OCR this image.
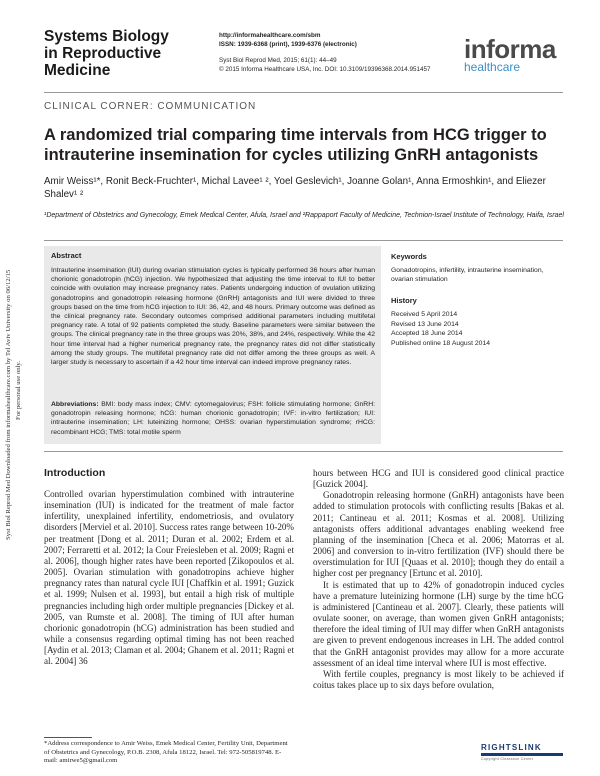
Systems Biology
in Reproductive
Medicine
http://informahealthcare.com/sbm
ISSN: 1939-6368 (print), 1939-6376 (electronic)
Syst Biol Reprod Med, 2015; 61(1): 44–49
© 2015 Informa Healthcare USA, Inc. DOI: 10.3109/19396368.2014.951457
informa
healthcare
Syst Biol Reprod Med Downloaded from informahealthcare.com by Tel Aviv University on 06/12/15 For personal use only.
CLINICAL CORNER: COMMUNICATION
A randomized trial comparing time intervals from HCG trigger to intrauterine insemination for cycles utilizing GnRH antagonists
Amir Weiss¹*, Ronit Beck-Fruchter¹, Michal Lavee¹ ², Yoel Geslevich¹, Joanne Golan¹, Anna Ermoshkin¹, and Eliezer Shalev¹ ²
¹Department of Obstetrics and Gynecology, Emek Medical Center, Afula, Israel and ²Rappaport Faculty of Medicine, Technion-Israel Institute of Technology, Haifa, Israel
Abstract
Intrauterine insemination (IUI) during ovarian stimulation cycles is typically performed 36 hours after human chorionic gonadotropin (hCG) injection. We hypothesized that adjusting the time interval to IUI to better coincide with ovulation may increase pregnancy rates. Patients undergoing induction of ovulation utilizing gonadotropins and gonadotropin releasing hormone (GnRH) antagonists and IUI were divided to three groups based on the time from hCG injection to IUI: 36, 42, and 48 hours. Primary outcome was defined as the clinical pregnancy rate. Secondary outcomes comprised additional parameters including multifetal pregnancy rate. A total of 92 patients completed the study. Baseline parameters were similar between the groups. The clinical pregnancy rate in the three groups was 20%, 38%, and 24%, respectively. While the 42 hour time interval had a higher numerical pregnancy rate, the pregnancy rates did not differ statistically among the study groups. The multifetal pregnancy rate did not differ among the three groups as well. A larger study is necessary to ascertain if a 42 hour time interval can indeed improve pregnancy rates.
Abbreviations: BMI: body mass index; CMV: cytomegalovirus; FSH: follicle stimulating hormone; GnRH: gonadotropin releasing hormone; hCG: human chorionic gonadotropin; IVF: in-vitro fertilization; IUI: intrauterine insemination; LH: luteinizing hormone; OHSS: ovarian hyperstimulation syndrome; rHCG: recombinant HCG; TMS: total motile sperm
Keywords
Gonadotropins, infertility, intrauterine insemination, ovarian stimulation
History
Received 5 April 2014
Revised 13 June 2014
Accepted 18 June 2014
Published online 18 August 2014
Introduction

Controlled ovarian hyperstimulation combined with intrauterine insemination (IUI) is indicated for the treatment of male factor infertility, unexplained infertility, endometriosis, and ovulatory disorders [Merviel et al. 2010]. Success rates range between 10-20% per treatment [Dong et al. 2011; Duran et al. 2002; Erdem et al. 2007; Ferraretti et al. 2012; la Cour Freiesleben et al. 2009; Ragni et al. 2006], though higher rates have been reported [Zikopoulos et al. 2005]. Ovarian stimulation with gonadotropins achieve higher pregnancy rates than natural cycle IUI [Chaffkin et al. 1991; Guzick et al. 1999; Nulsen et al. 1993], but entail a high risk of multiple pregnancies including high order multiple pregnancies [Dickey et al. 2005, van Rumste et al. 2008]. The timing of IUI after human chorionic gonadotropin (hCG) administration has been studied and while a consensus regarding optimal timing has not been reached [Aydin et al. 2013; Claman et al. 2004; Ghanem et al. 2011; Ragni et al. 2004] 36

hours between HCG and IUI is considered good clinical practice [Guzick 2004].

Gonadotropin releasing hormone (GnRH) antagonists have been added to stimulation protocols with conflicting results [Bakas et al. 2011; Cantineau et al. 2011; Kosmas et al. 2008]. Utilizing antagonists offers additional advantages enabling weekend free planning of the insemination [Checa et al. 2006; Matorras et al. 2006] and conversion to in-vitro fertilization (IVF) should there be overstimulation for IUI [Quaas et al. 2010]; though they do entail a higher cost per pregnancy [Ertunc et al. 2010].

It is estimated that up to 42% of gonadotropin induced cycles have a premature luteinizing hormone (LH) surge by the time hCG is administered [Cantineau et al. 2007]. Clearly, these patients will ovulate sooner, on average, than women given GnRH antagonists; therefore the ideal timing of IUI may differ when GnRH antagonists are given to prevent endogenous increases in LH. The added control that the GnRH antagonist provides may allow for a more accurate assessment of an ideal time interval where IUI is most effective.

With fertile couples, pregnancy is most likely to be achieved if coitus takes place up to six days before ovulation,

*Address correspondence to Amir Weiss, Emek Medical Center, Fertility Unit, Department of Obstetrics and Gynecology, P.O.B. 2308, Afula 18122, Israel. Tel: 972-505819748. E-mail: amirwe5@gmail.com
RIGHTSLINK
Copyright Clearance Center
